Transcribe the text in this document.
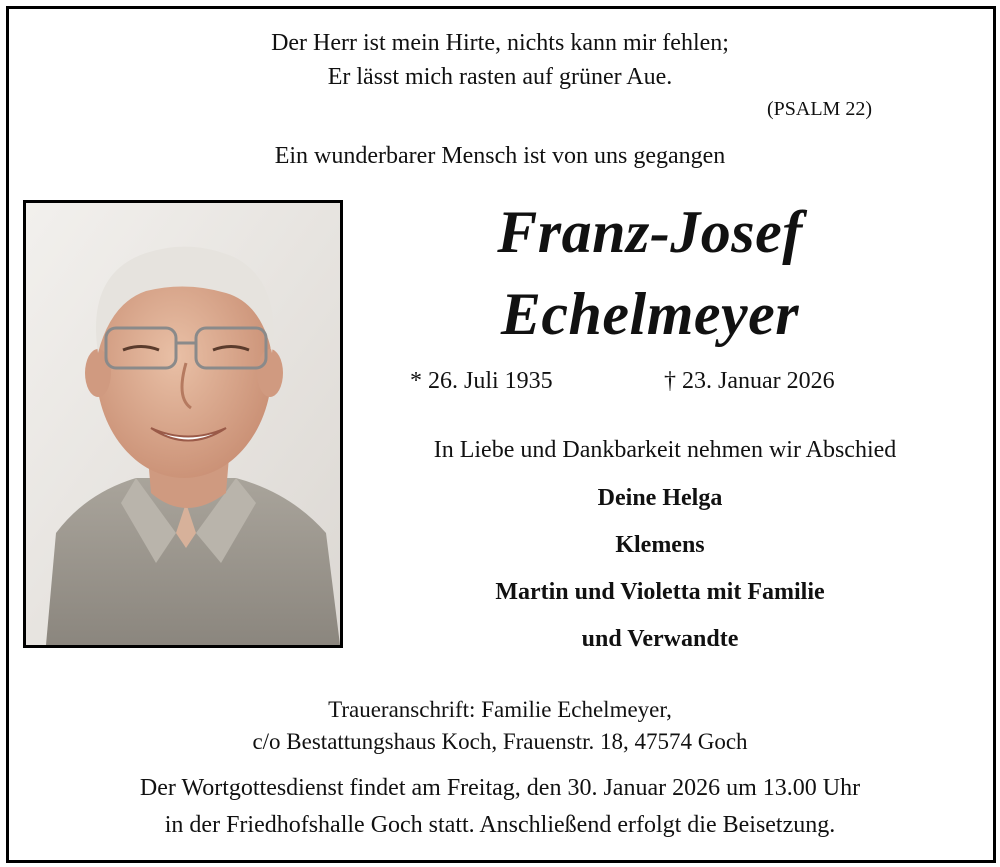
Der Herr ist mein Hirte, nichts kann mir fehlen;
Er lässt mich rasten auf grüner Aue.
(PSALM 22)
Ein wunderbarer Mensch ist von uns gegangen
Franz-Josef
Echelmeyer
* 26. Juli 1935	† 23. Januar 2026
In Liebe und Dankbarkeit nehmen wir Abschied
Deine Helga
Klemens
Martin und Violetta mit Familie
und Verwandte
Traueranschrift: Familie Echelmeyer,
c/o Bestattungshaus Koch, Frauenstr. 18, 47574 Goch
Der Wortgottesdienst findet am Freitag, den 30. Januar 2026 um 13.00 Uhr
in der Friedhofshalle Goch statt. Anschließend erfolgt die Beisetzung.
